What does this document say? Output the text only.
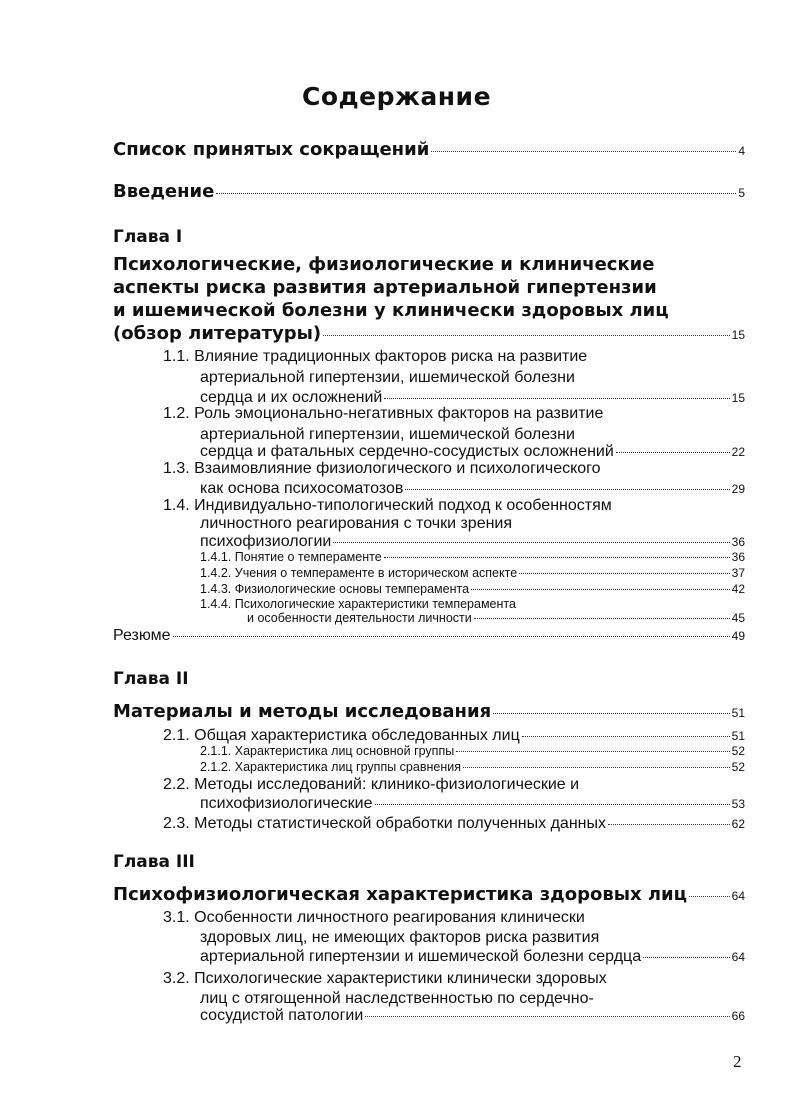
Содержание
Список принятых сокращений	4
Введение	5
Глава I
Психологические, физиологические и клинические
аспекты риска развития артериальной гипертензии
и ишемической болезни у клинически здоровых лиц
(обзор литературы)	15
1.1. Влияние традиционных факторов риска на развитие
артериальной гипертензии, ишемической болезни
сердца и их осложнений	15
1.2. Роль эмоционально-негативных факторов на развитие
артериальной гипертензии, ишемической болезни
сердца и фатальных сердечно-сосудистых осложнений	22
1.3. Взаимовлияние физиологического и психологического
как основа психосоматозов	29
1.4. Индивидуально-типологический подход к особенностям
личностного реагирования с точки зрения
психофизиологии	36
1.4.1. Понятие о темпераменте	36
1.4.2. Учения о темпераменте в историческом аспекте	37
1.4.3. Физиологические основы темперамента	42
1.4.4. Психологические характеристики темперамента
и особенности деятельности личности	45
Резюме	49
Глава II
Материалы и методы исследования	51
2.1. Общая характеристика обследованных лиц	51
2.1.1. Характеристика лиц основной группы	52
2.1.2. Характеристика лиц группы сравнения	52
2.2. Методы исследований: клинико-физиологические и
психофизиологические	53
2.3. Методы статистической обработки полученных данных	62
Глава III
Психофизиологическая характеристика здоровых лиц	64
3.1. Особенности личностного реагирования клинически
здоровых лиц, не имеющих факторов риска развития
артериальной гипертензии и ишемической болезни сердца	64
3.2. Психологические характеристики клинически здоровых
лиц с отягощенной наследственностью по сердечно-
сосудистой патологии	66
2
